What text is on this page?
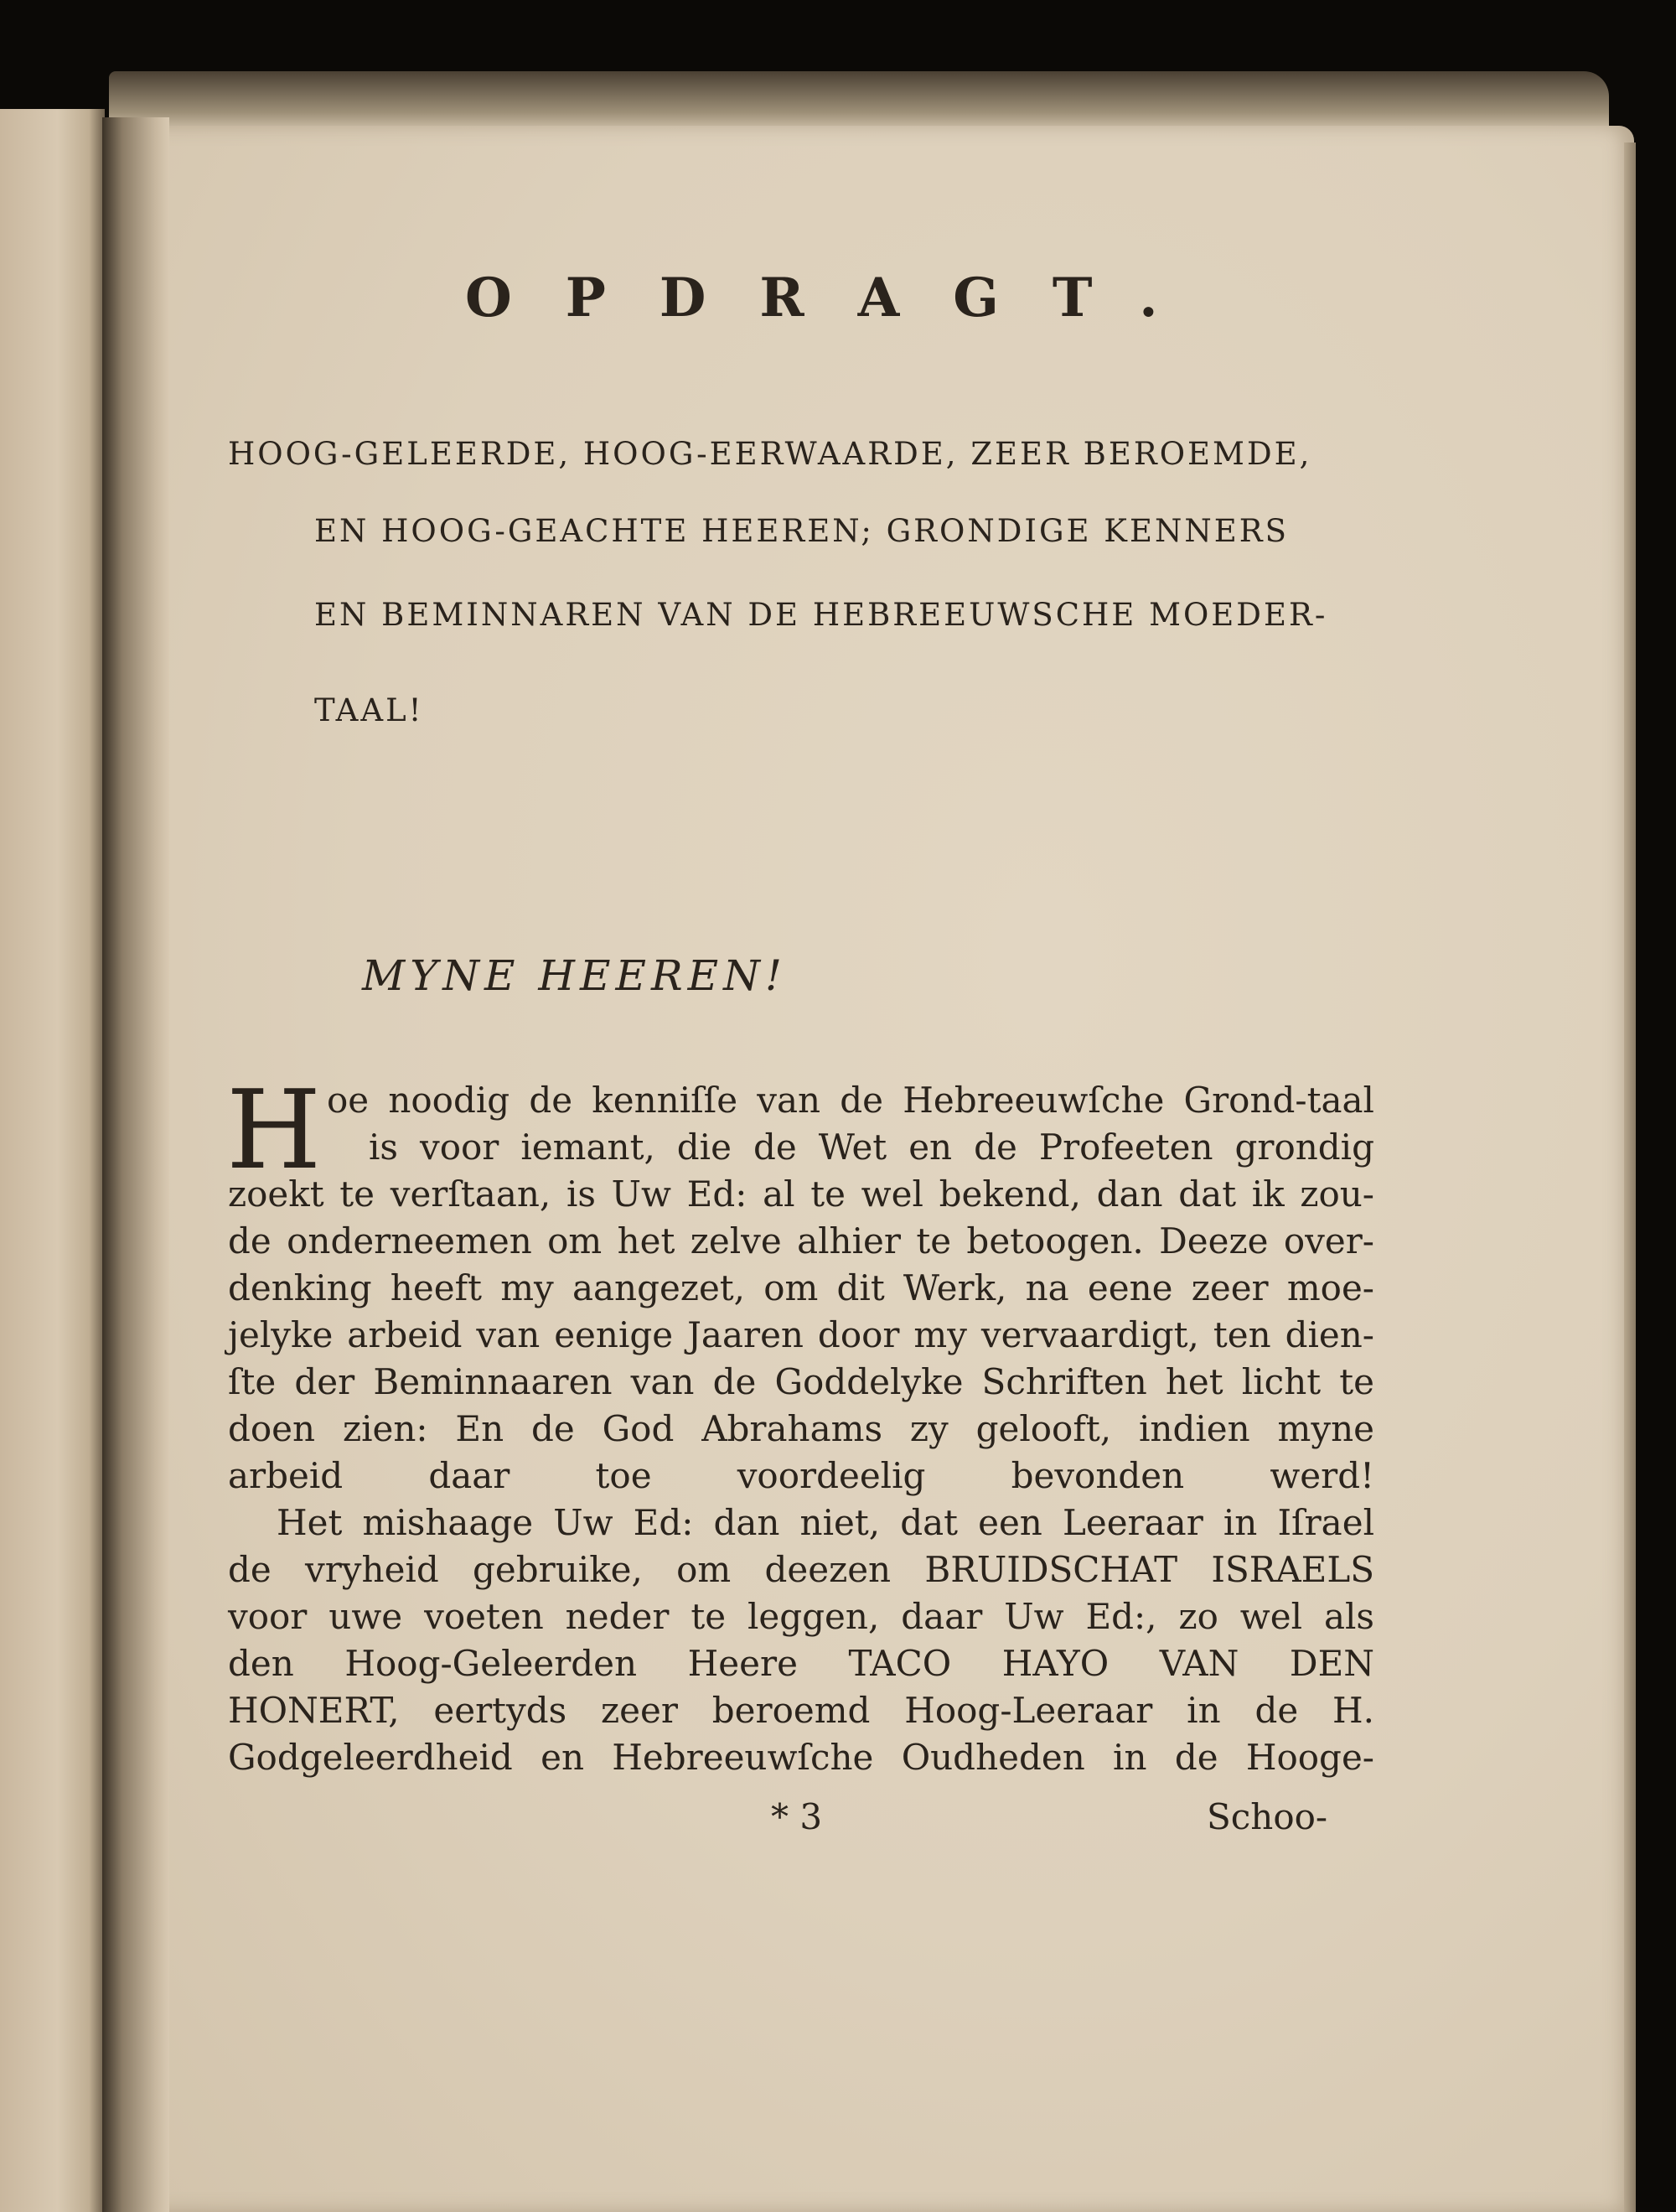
OPDRAGT.
HOOG-GELEERDE, HOOG-EERWAARDE, ZEER BEROEMDE,
EN HOOG-GEACHTE HEEREN; GRONDIGE KENNERS
EN BEMINNAREN VAN DE HEBREEUWSCHE MOEDER-
TAAL!
MYNE HEEREN!
H oe noodig de kenniſſe van de Hebreeuwſche Grond-taal
is voor iemant, die de Wet en de Profeeten grondig
zoekt te verſtaan, is Uw Ed: al te wel bekend, dan dat ik zou-
de onderneemen om het zelve alhier te betoogen. Deeze over-
denking heeft my aangezet, om dit Werk, na eene zeer moe-
jelyke arbeid van eenige Jaaren door my vervaardigt, ten dien-
ſte der Beminnaaren van de Goddelyke Schriften het licht te
doen zien: En de God Abrahams zy gelooft, indien myne
arbeid daar toe voordeelig bevonden werd!
Het mishaage Uw Ed: dan niet, dat een Leeraar in Iſrael
de vryheid gebruike, om deezen BRUIDSCHAT ISRAELS
voor uwe voeten neder te leggen, daar Uw Ed:, zo wel als
den Hoog-Geleerden Heere TACO HAYO VAN DEN
HONERT, eertyds zeer beroemd Hoog-Leeraar in de H.
Godgeleerdheid en Hebreeuwſche Oudheden in de Hooge-
* 3	Schoo-
